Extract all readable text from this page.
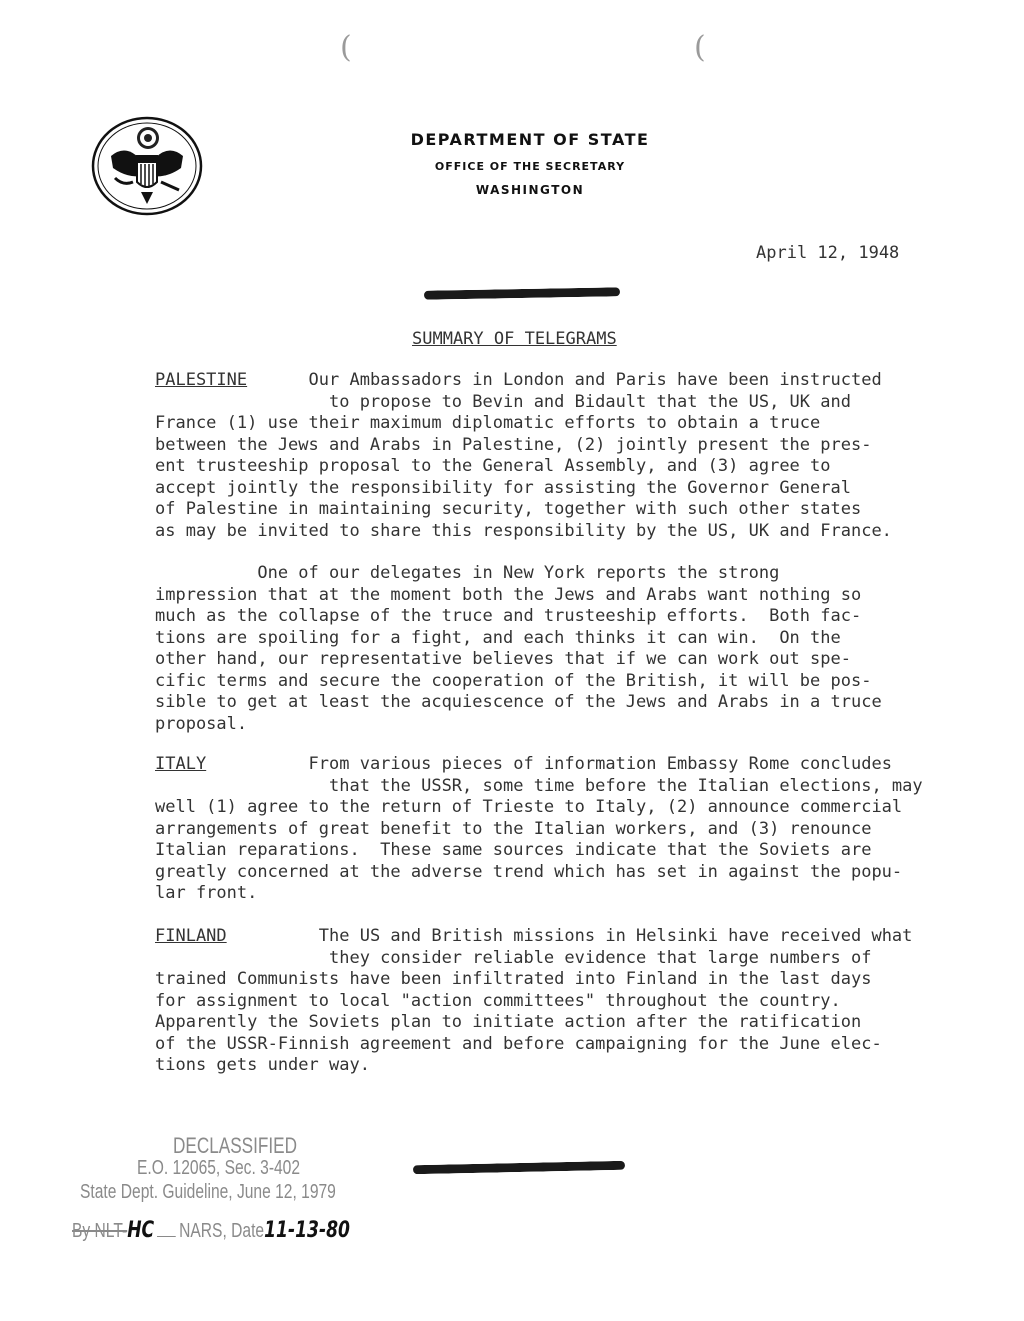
(	(
DEPARTMENT OF STATE
OFFICE OF THE SECRETARY
WASHINGTON
April 12, 1948
SUMMARY OF TELEGRAMS
PALESTINE      Our Ambassadors in London and Paris have been instructed
to propose to Bevin and Bidault that the US, UK and
France (1) use their maximum diplomatic efforts to obtain a truce
between the Jews and Arabs in Palestine, (2) jointly present the pres-
ent trusteeship proposal to the General Assembly, and (3) agree to
accept jointly the responsibility for assisting the Governor General
of Palestine in maintaining security, together with such other states
as may be invited to share this responsibility by the US, UK and France.
One of our delegates in New York reports the strong
impression that at the moment both the Jews and Arabs want nothing so
much as the collapse of the truce and trusteeship efforts.  Both fac-
tions are spoiling for a fight, and each thinks it can win.  On the
other hand, our representative believes that if we can work out spe-
cific terms and secure the cooperation of the British, it will be pos-
sible to get at least the acquiescence of the Jews and Arabs in a truce
proposal.
ITALY          From various pieces of information Embassy Rome concludes
that the USSR, some time before the Italian elections, may
well (1) agree to the return of Trieste to Italy, (2) announce commercial
arrangements of great benefit to the Italian workers, and (3) renounce
Italian reparations.  These same sources indicate that the Soviets are
greatly concerned at the adverse trend which has set in against the popu-
lar front.
FINLAND         The US and British missions in Helsinki have received what
they consider reliable evidence that large numbers of
trained Communists have been infiltrated into Finland in the last days
for assignment to local "action committees" throughout the country.
Apparently the Soviets plan to initiate action after the ratification
of the USSR-Finnish agreement and before campaigning for the June elec-
tions gets under way.
DECLASSIFIED
E.O. 12065, Sec. 3-402
State Dept. Guideline, June 12, 1979
By NLT-HC NARS, Date11-13-80
